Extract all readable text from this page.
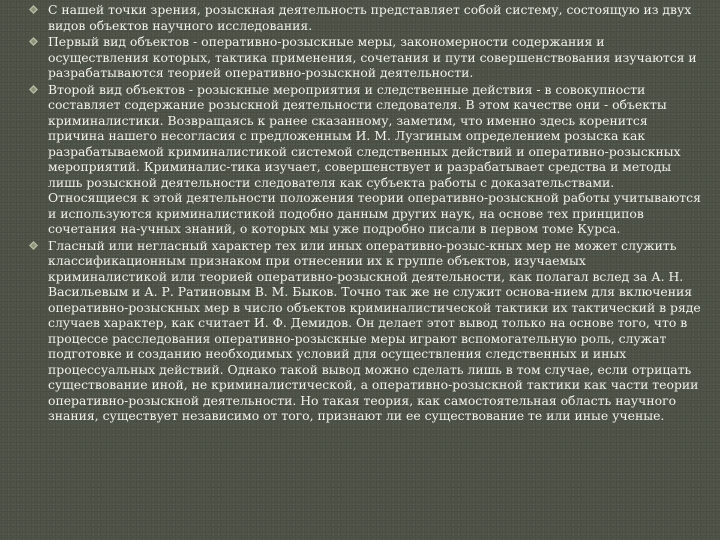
С нашей точки зрения, розыскная деятельность представляет собой систему, состоящую из двух видов объектов научного исследования.
Первый вид объектов - оперативно-розыскные меры, закономерности содержания и осуществления которых, тактика применения, сочетания и пути совершенствования изучаются и разрабатываются теорией оперативно-розыскной деятельности.
Второй вид объектов - розыскные мероприятия и следственные действия - в совокупности составляет содержание розыскной деятельности следователя. В этом качестве они - объекты криминалистики. Возвращаясь к ранее сказанному, заметим, что именно здесь коренится причина нашего несогласия с предложенным И. М. Лузгиным определением розыска как разрабатываемой криминалистикой системой следственных действий и оперативно-розыскных мероприятий. Криминалис-тика изучает, совершенствует и разрабатывает средства и методы лишь розыскной деятельности следователя как субъекта работы с доказательствами. Относящиеся к этой деятельности положения теории оперативно-розыскной работы учитываются и используются криминалистикой подобно данным других наук, на основе тех принципов сочетания на-учных знаний, о которых мы уже подробно писали в первом томе Курса.
Гласный или негласный характер тех или иных оперативно-розыс-кных мер не может служить классификационным признаком при отнесении их к группе объектов, изучаемых криминалистикой или теорией оперативно-розыскной деятельности, как полагал вслед за А. Н. Васильевым и А. Р. Ратиновым В. М. Быков. Точно так же не служит основа-нием для включения оперативно-розыскных мер в число объектов криминалистической тактики их тактический в ряде случаев характер, как считает И. Ф. Демидов. Он делает этот вывод только на основе того, что в процессе расследования оперативно-розыскные меры играют вспомогательную роль, служат подготовке и созданию необходимых условий для осуществления следственных и иных процессуальных действий. Однако такой вывод можно сделать лишь в том случае, если отрицать существование иной, не криминалистической, а оперативно-розыскной тактики как части теории оперативно-розыскной деятельности. Но такая теория, как самостоятельная область научного знания, существует независимо от того, признают ли ее существование те или иные ученые.
